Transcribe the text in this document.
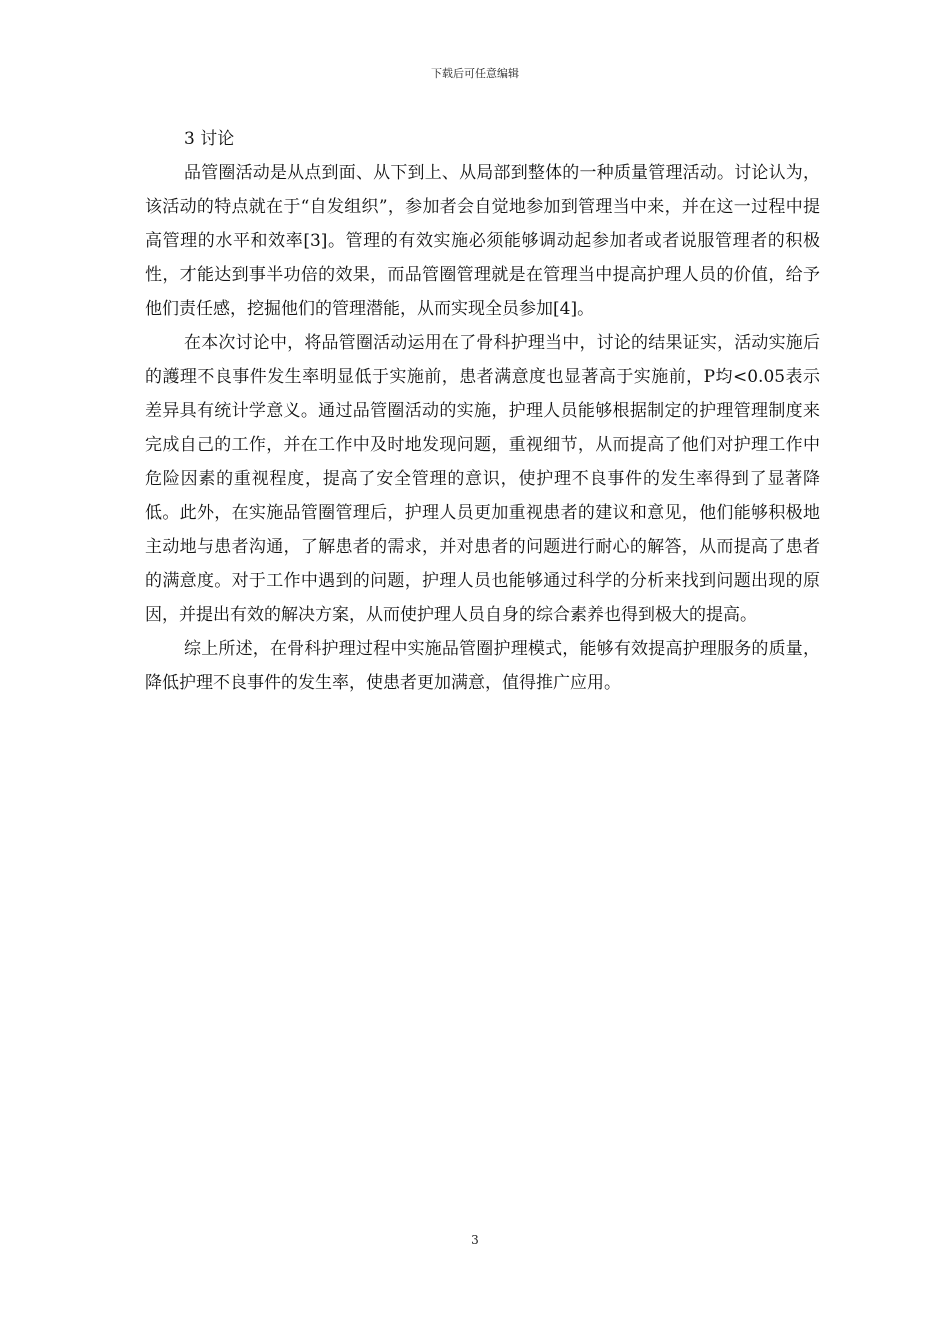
下载后可任意编辑

3 讨论

品管圈活动是从点到面、从下到上、从局部到整体的一种质量管理活动。讨论认为，该活动的特点就在于“自发组织”，参加者会自觉地参加到管理当中来，并在这一过程中提高管理的水平和效率[3]。管理的有效实施必须能够调动起参加者或者说服管理者的积极性，才能达到事半功倍的效果，而品管圈管理就是在管理当中提高护理人员的价值，给予他们责任感，挖掘他们的管理潜能，从而实现全员参加[4]。

在本次讨论中，将品管圈活动运用在了骨科护理当中，讨论的结果证实，活动实施后的護理不良事件发生率明显低于实施前，患者满意度也显著高于实施前，P均<0.05表示差异具有统计学意义。通过品管圈活动的实施，护理人员能够根据制定的护理管理制度来完成自己的工作，并在工作中及时地发现问题，重视细节，从而提高了他们对护理工作中危险因素的重视程度，提高了安全管理的意识，使护理不良事件的发生率得到了显著降低。此外，在实施品管圈管理后，护理人员更加重视患者的建议和意见，他们能够积极地主动地与患者沟通，了解患者的需求，并对患者的问题进行耐心的解答，从而提高了患者的满意度。对于工作中遇到的问题，护理人员也能够通过科学的分析来找到问题出现的原因，并提出有效的解决方案，从而使护理人员自身的综合素养也得到极大的提高。

综上所述，在骨科护理过程中实施品管圈护理模式，能够有效提高护理服务的质量，降低护理不良事件的发生率，使患者更加满意，值得推广应用。

3
